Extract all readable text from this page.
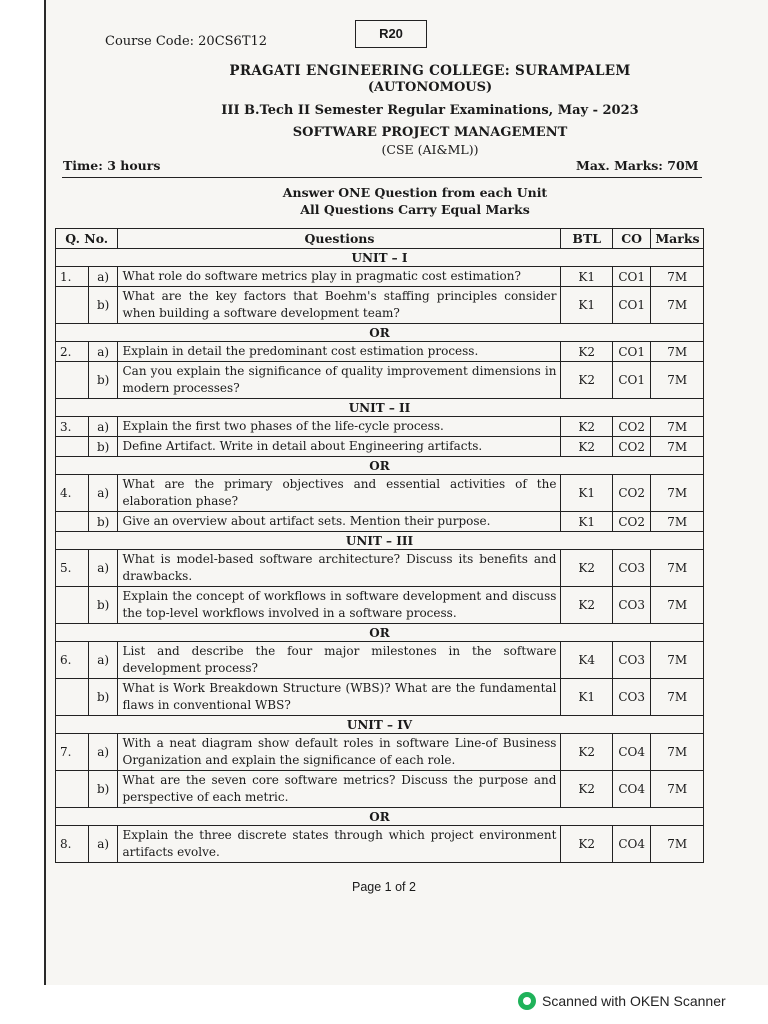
Course Code: 20CS6T12
R20
PRAGATI ENGINEERING COLLEGE: SURAMPALEM
(AUTONOMOUS)
III B.Tech II Semester Regular Examinations, May - 2023
SOFTWARE PROJECT MANAGEMENT
(CSE (AI&ML))
Time: 3 hours	Max. Marks: 70M
Answer ONE Question from each Unit
All Questions Carry Equal Marks
Q. No.		Questions	BTL	CO	Marks
UNIT – I					
1.	a)	What role do software metrics play in pragmatic cost estimation?	K1	CO1	7M
	b)	What are the key factors that Boehm's staffing principles consider when building a software development team?	K1	CO1	7M
OR					
2.	a)	Explain in detail the predominant cost estimation process.	K2	CO1	7M
	b)	Can you explain the significance of quality improvement dimensions in modern processes?	K2	CO1	7M
UNIT – II					
3.	a)	Explain the first two phases of the life-cycle process.	K2	CO2	7M
	b)	Define Artifact. Write in detail about Engineering artifacts.	K2	CO2	7M
OR					
4.	a)	What are the primary objectives and essential activities of the elaboration phase?	K1	CO2	7M
	b)	Give an overview about artifact sets. Mention their purpose.	K1	CO2	7M
UNIT – III					
5.	a)	What is model-based software architecture? Discuss its benefits and drawbacks.	K2	CO3	7M
	b)	Explain the concept of workflows in software development and discuss the top-level workflows involved in a software process.	K2	CO3	7M
OR					
6.	a)	List and describe the four major milestones in the software development process?	K4	CO3	7M
	b)	What is Work Breakdown Structure (WBS)? What are the fundamental flaws in conventional WBS?	K1	CO3	7M
UNIT – IV					
7.	a)	With a neat diagram show default roles in software Line-of Business Organization and explain the significance of each role.	K2	CO4	7M
	b)	What are the seven core software metrics? Discuss the purpose and perspective of each metric.	K2	CO4	7M
OR					
8.	a)	Explain the three discrete states through which project environment artifacts evolve.	K2	CO4	7M
Page 1 of 2
Scanned with OKEN Scanner
